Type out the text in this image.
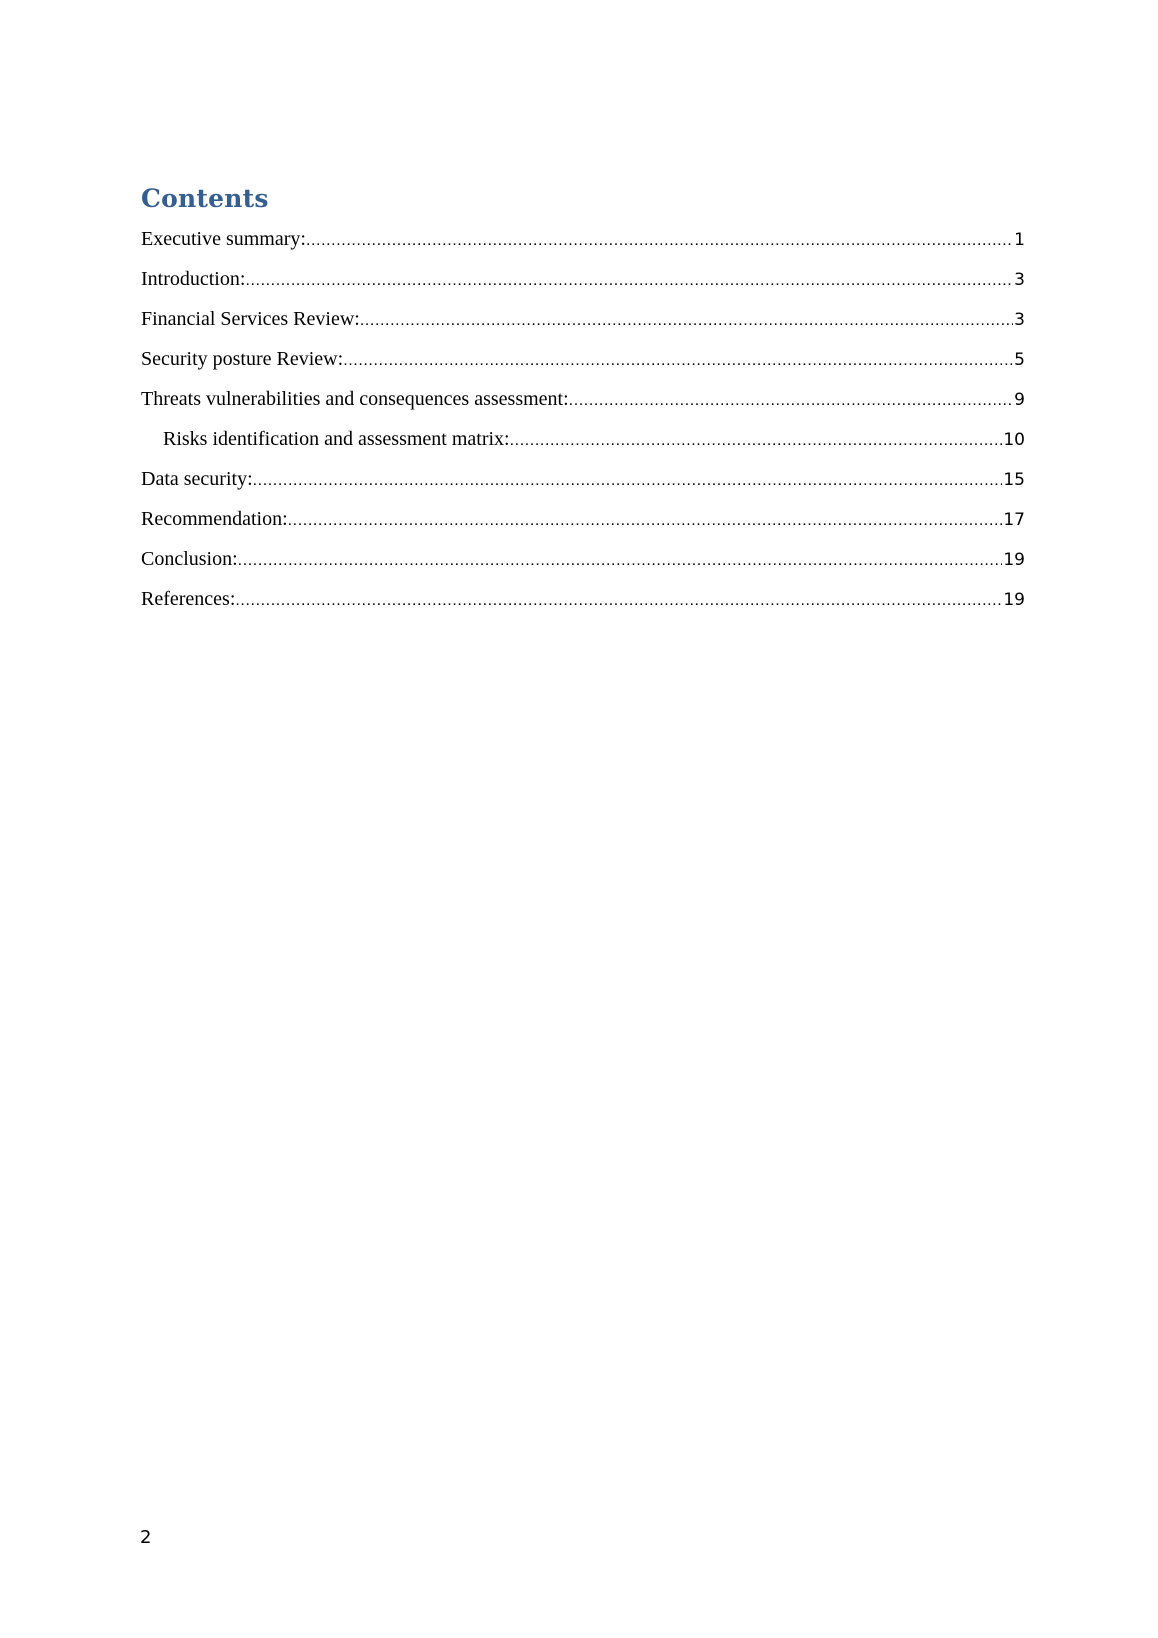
Contents
Executive summary: .....	1
Introduction: .....	3
Financial Services Review: .....	3
Security posture Review: .....	5
Threats vulnerabilities and consequences assessment: .....	9
Risks identification and assessment matrix: .....	10
Data security: .....	15
Recommendation: .....	17
Conclusion: .....	19
References: .....	19
2
